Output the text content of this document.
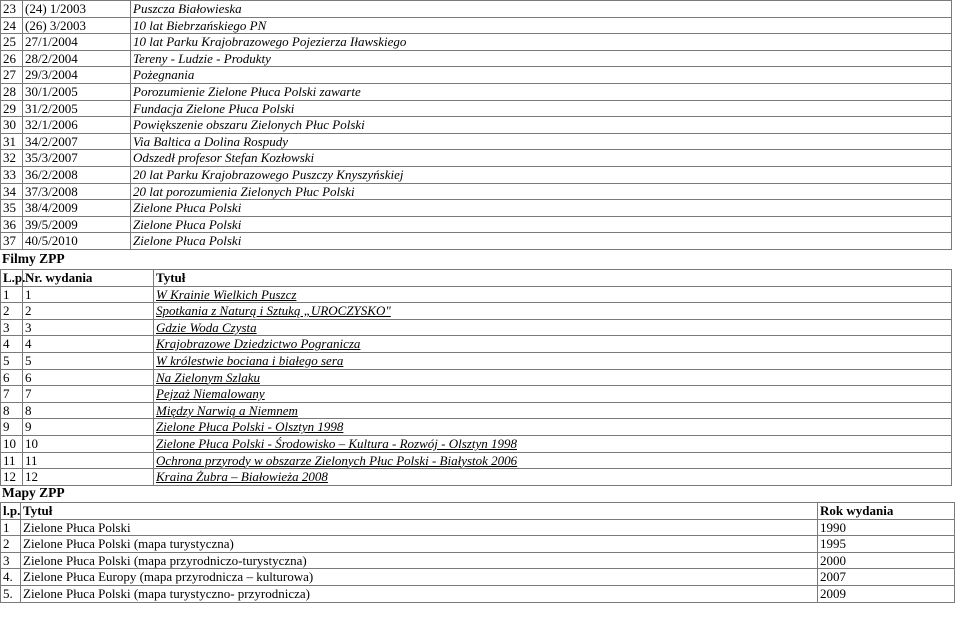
23	(24) 1/2003	Puszcza Białowieska
24	(26) 3/2003	10 lat Biebrzańskiego PN
25	27/1/2004	10 lat Parku Krajobrazowego Pojezierza Iławskiego
26	28/2/2004	Tereny - Ludzie - Produkty
27	29/3/2004	Pożegnania
28	30/1/2005	Porozumienie Zielone Płuca Polski zawarte
29	31/2/2005	Fundacja Zielone Płuca Polski
30	32/1/2006	Powiększenie obszaru Zielonych Płuc Polski
31	34/2/2007	Via Baltica a Dolina Rospudy
32	35/3/2007	Odszedł profesor Stefan Kozłowski
33	36/2/2008	20 lat Parku Krajobrazowego Puszczy Knyszyńskiej
34	37/3/2008	20 lat porozumienia Zielonych Płuc Polski
35	38/4/2009	Zielone Płuca Polski
36	39/5/2009	Zielone Płuca Polski
37	40/5/2010	Zielone Płuca Polski
Filmy ZPP
L.p.	Nr. wydania	Tytuł
1	1	W Krainie Wielkich Puszcz
2	2	Spotkania z Naturą i Sztuką „UROCZYSKO"
3	3	Gdzie Woda Czysta
4	4	Krajobrazowe Dziedzictwo Pogranicza
5	5	W królestwie bociana i białego sera
6	6	Na Zielonym Szlaku
7	7	Pejzaż Niemalowany
8	8	Między Narwią a Niemnem
9	9	Zielone Płuca Polski - Olsztyn 1998
10	10	Zielone Płuca Polski - Środowisko – Kultura - Rozwój - Olsztyn 1998
11	11	Ochrona przyrody w obszarze Zielonych Płuc Polski - Białystok 2006
12	12	Kraina Żubra – Białowieża 2008
Mapy ZPP
l.p.	Tytuł	Rok wydania
1	Zielone Płuca Polski	1990
2	Zielone Płuca Polski (mapa turystyczna)	1995
3	Zielone Płuca Polski (mapa przyrodniczo-turystyczna)	2000
4.	Zielone Płuca Europy (mapa przyrodnicza – kulturowa)	2007
5.	Zielone Płuca Polski (mapa turystyczno- przyrodnicza)	2009
